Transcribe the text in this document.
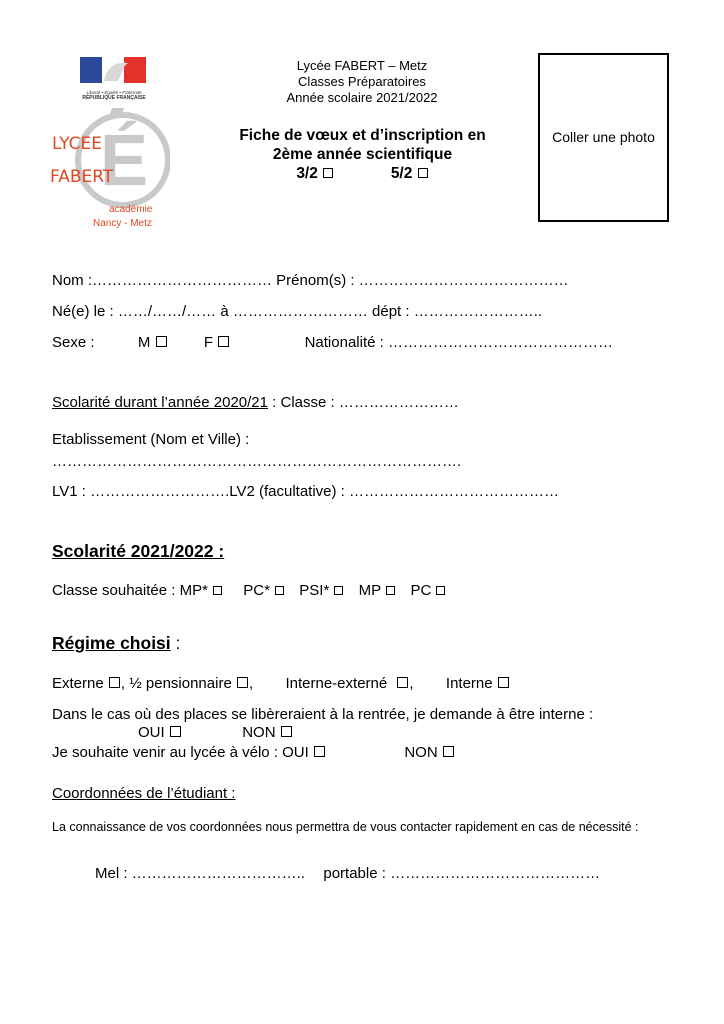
Liberté • Égalité • Fraternité
RÉPUBLIQUE FRANÇAISE
É
LYCEE
FABERT
académie
Nancy - Metz
Lycée FABERT – Metz
Classes Préparatoires
Année scolaire 2021/2022
Fiche de vœux et d’inscription en
2ème année scientifique
3/2	5/2
Coller une photo
Nom :……………………………… Prénom(s) : ……………………………………
Né(e) le : ……/……/…… à ……………………… dépt : ……………………..
Sexe :	M	F	Nationalité : ………………………………………
Scolarité durant l’année 2020/21 : Classe : ……………………
Etablissement (Nom et Ville) :
……………………………………………………………………….
LV1 : ……………………….LV2 (facultative) : ……………………………………
Scolarité 2021/2022 :
Classe souhaitée : MP* PC* PSI* MP PC
Régime choisi :
Externe , ½ pensionnaire , Interne-externé , Interne
Dans le cas où des places se libèreraient à la rentrée, je demande à être interne :
OUI	NON
Je souhaite venir au lycée à vélo : OUI	NON
Coordonnées de l’étudiant :
La connaissance de vos coordonnées nous permettra de vous contacter rapidement en cas de nécessité :
Mel : …………………………….. portable : ……………………………………
